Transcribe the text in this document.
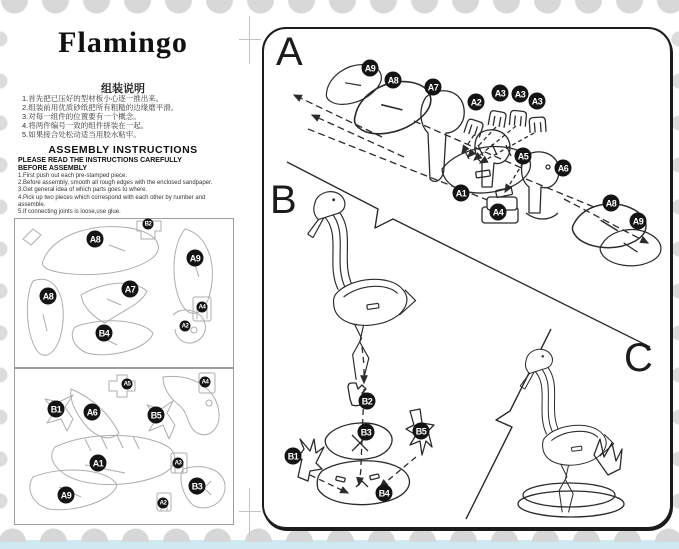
Flamingo
组装说明
1.首先把已压好的型材板小心逐一推出来。
2.组装前用优质砂纸把所有粗糙的边缘磨平滑。
3.对每一组件的位置要有一个概念。
4.将两件编号一致的组件拼装在一起。
5.如果接合处松动适当用胶水粘牢。
ASSEMBLY INSTRUCTIONS
PLEASE READ THE INSTRUCTIONS CAREFULLY
BEFORE ASSEMBLY
1.First push out each pre-stamped piece.
2.Before assembly, smooth all rough edges with the enclosed sandpaper.
3.Get general idea of which parts goes to where.
4.Pick up two pieces which correspond with each other by number and assemble.
5.If connecting joints is loose,use glue.
A8
A9
A8
A7
B4
B2
A4
A2
B1	A6	B5
A1
A9
B3
A5	A4
A3
A2
A
B
C
A9
A8
A7
A2
A3	A3
A3
A5
A6
A1
A4
A8
A9
B2
B3
B1
B5
B4
